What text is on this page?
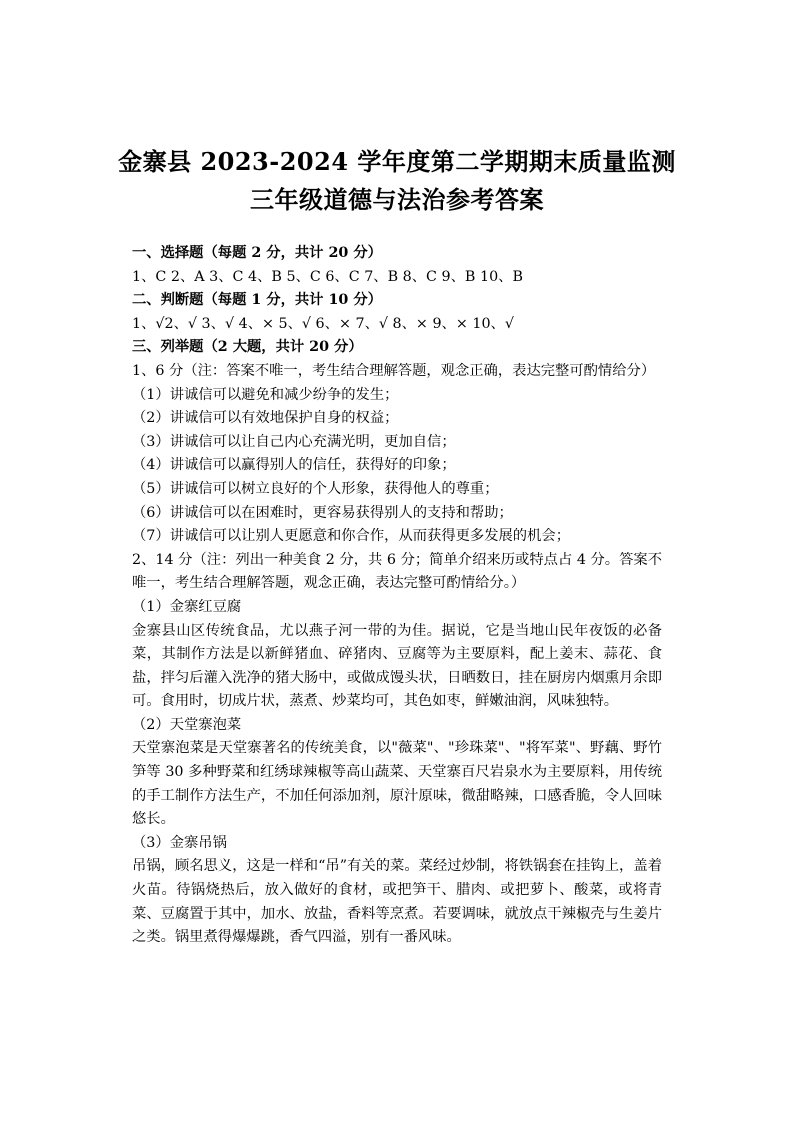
金寨县 2023-2024 学年度第二学期期末质量监测
三年级道德与法治参考答案
一、选择题（每题 2 分，共计 20 分）
1、C 2、A 3、C 4、B 5、C 6、C 7、B 8、C 9、B 10、B
二、判断题（每题 1 分，共计 10 分）
1、√2、√ 3、√ 4、× 5、√ 6、× 7、√ 8、× 9、× 10、√
三、列举题（2 大题，共计 20 分）
1、6 分（注：答案不唯一，考生结合理解答题，观念正确，表达完整可酌情给分）
（1）讲诚信可以避免和减少纷争的发生；
（2）讲诚信可以有效地保护自身的权益；
（3）讲诚信可以让自己内心充满光明，更加自信；
（4）讲诚信可以赢得别人的信任，获得好的印象；
（5）讲诚信可以树立良好的个人形象，获得他人的尊重；
（6）讲诚信可以在困难时，更容易获得别人的支持和帮助；
（7）讲诚信可以让别人更愿意和你合作，从而获得更多发展的机会；
2、14 分（注：列出一种美食 2 分，共 6 分；简单介绍来历或特点占 4 分。答案不唯一，考生结合理解答题，观念正确，表达完整可酌情给分。）
（1）金寨红豆腐
金寨县山区传统食品，尤以燕子河一带的为佳。据说，它是当地山民年夜饭的必备菜，其制作方法是以新鲜猪血、碎猪肉、豆腐等为主要原料，配上姜末、蒜花、食盐，拌匀后灌入洗净的猪大肠中，或做成馒头状，日晒数日，挂在厨房内烟熏月余即可。食用时，切成片状，蒸煮、炒菜均可，其色如枣，鲜嫩油润，风味独特。
（2）天堂寨泡菜
天堂寨泡菜是天堂寨著名的传统美食，以"薇菜"、"珍珠菜"、"将军菜"、野藕、野竹笋等 30 多种野菜和红绣球辣椒等高山蔬菜、天堂寨百尺岩泉水为主要原料，用传统的手工制作方法生产，不加任何添加剂，原汁原味，微甜略辣，口感香脆，令人回味悠长。
（3）金寨吊锅
吊锅，顾名思义，这是一样和“吊”有关的菜。菜经过炒制，将铁锅套在挂钩上，盖着火苗。待锅烧热后，放入做好的食材，或把笋干、腊肉、或把萝卜、酸菜，或将青菜、豆腐置于其中，加水、放盐，香料等烹煮。若要调味，就放点干辣椒壳与生姜片之类。锅里煮得爆爆跳，香气四溢，别有一番风味。
